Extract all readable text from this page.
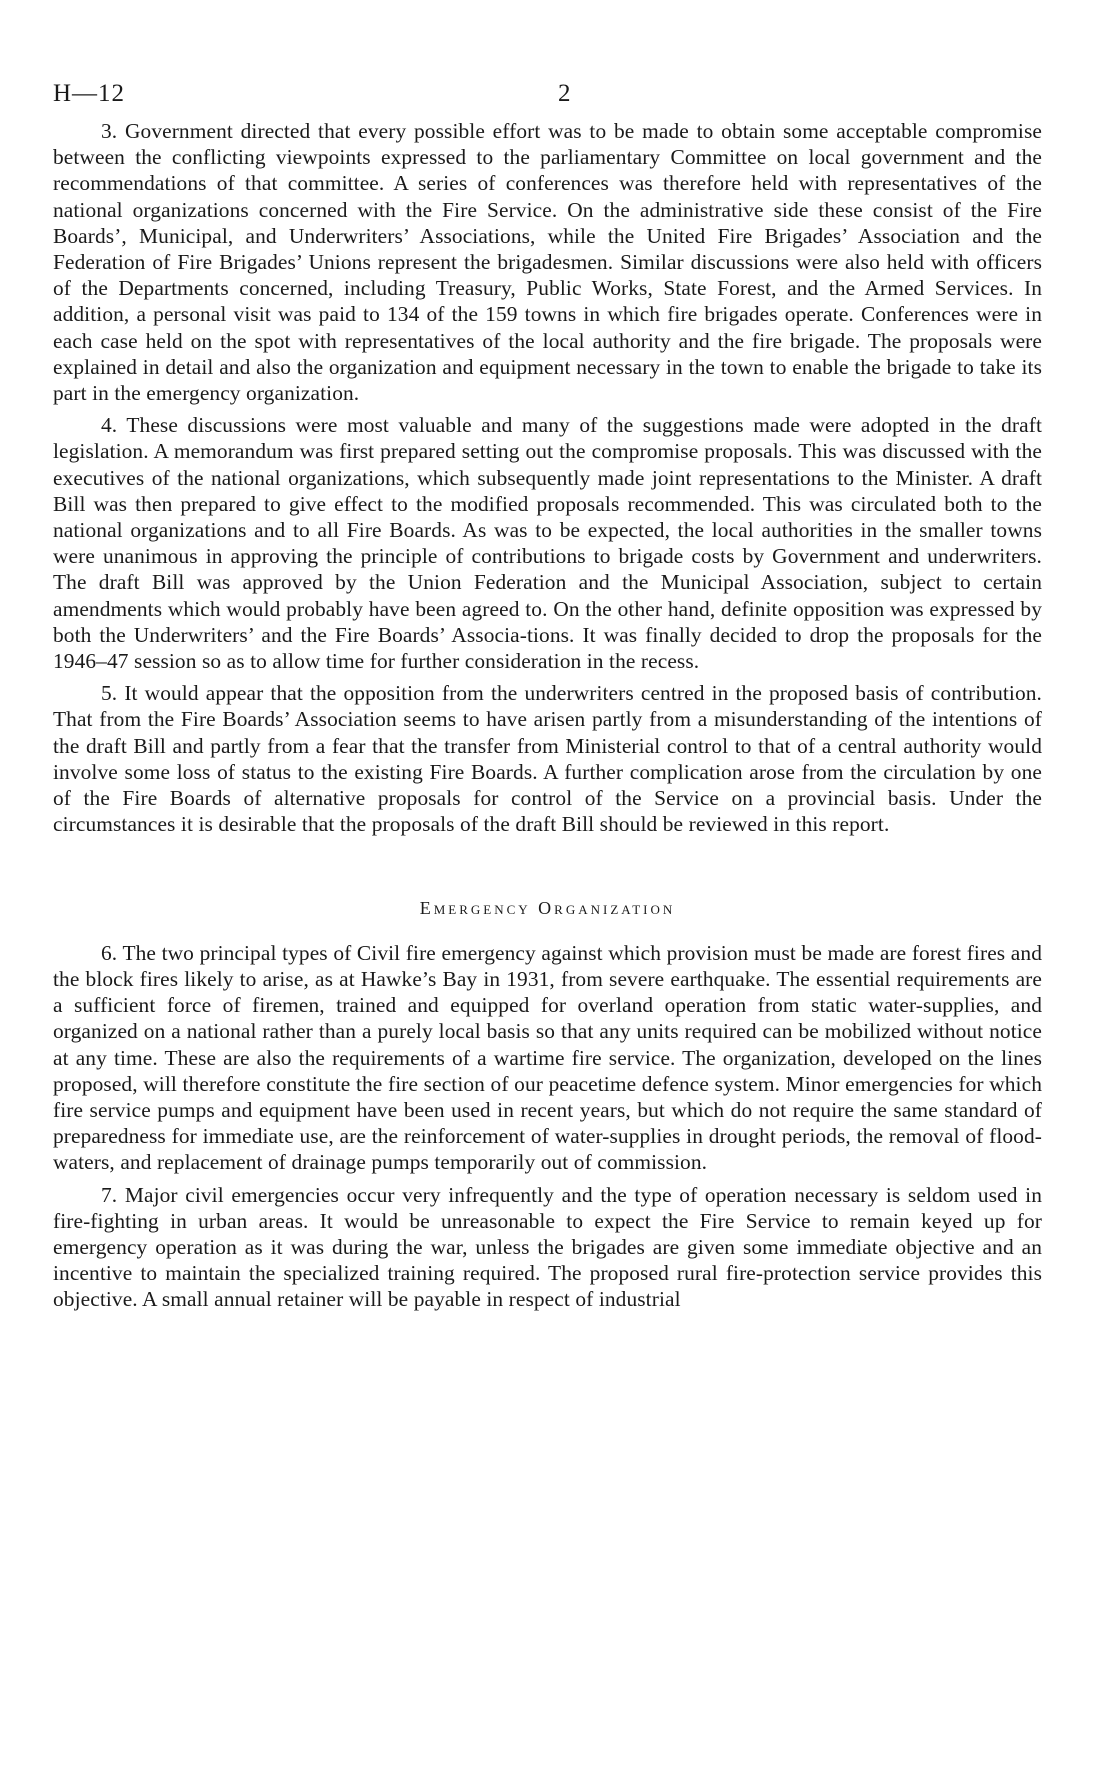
H—12	2

3. Government directed that every possible effort was to be made to obtain some acceptable compromise between the conflicting viewpoints expressed to the parliamentary Committee on local government and the recommendations of that committee. A series of conferences was therefore held with representatives of the national organizations concerned with the Fire Service. On the administrative side these consist of the Fire Boards’, Municipal, and Underwriters’ Associations, while the United Fire Brigades’ Association and the Federation of Fire Brigades’ Unions represent the brigadesmen. Similar discussions were also held with officers of the Departments concerned, including Treasury, Public Works, State Forest, and the Armed Services. In addition, a personal visit was paid to 134 of the 159 towns in which fire brigades operate. Conferences were in each case held on the spot with representatives of the local authority and the fire brigade. The proposals were explained in detail and also the organization and equipment necessary in the town to enable the brigade to take its part in the emergency organization.

4. These discussions were most valuable and many of the suggestions made were adopted in the draft legislation. A memorandum was first prepared setting out the compromise proposals. This was discussed with the executives of the national organizations, which subsequently made joint representations to the Minister. A draft Bill was then prepared to give effect to the modified proposals recommended. This was circulated both to the national organizations and to all Fire Boards. As was to be expected, the local authorities in the smaller towns were unanimous in approving the principle of contributions to brigade costs by Government and underwriters. The draft Bill was approved by the Union Federation and the Municipal Association, subject to certain amendments which would probably have been agreed to. On the other hand, definite opposition was expressed by both the Underwriters’ and the Fire Boards’ Associa-tions. It was finally decided to drop the proposals for the 1946–47 session so as to allow time for further consideration in the recess.

5. It would appear that the opposition from the underwriters centred in the proposed basis of contribution. That from the Fire Boards’ Association seems to have arisen partly from a misunderstanding of the intentions of the draft Bill and partly from a fear that the transfer from Ministerial control to that of a central authority would involve some loss of status to the existing Fire Boards. A further complication arose from the circulation by one of the Fire Boards of alternative proposals for control of the Service on a provincial basis. Under the circumstances it is desirable that the proposals of the draft Bill should be reviewed in this report.

Emergency Organization

6. The two principal types of Civil fire emergency against which provision must be made are forest fires and the block fires likely to arise, as at Hawke’s Bay in 1931, from severe earthquake. The essential requirements are a sufficient force of firemen, trained and equipped for overland operation from static water-supplies, and organized on a national rather than a purely local basis so that any units required can be mobilized without notice at any time. These are also the requirements of a wartime fire service. The organization, developed on the lines proposed, will therefore constitute the fire section of our peacetime defence system. Minor emergencies for which fire service pumps and equipment have been used in recent years, but which do not require the same standard of preparedness for immediate use, are the reinforcement of water-supplies in drought periods, the removal of flood-waters, and replacement of drainage pumps temporarily out of commission.

7. Major civil emergencies occur very infrequently and the type of operation necessary is seldom used in fire-fighting in urban areas. It would be unreasonable to expect the Fire Service to remain keyed up for emergency operation as it was during the war, unless the brigades are given some immediate objective and an incentive to maintain the specialized training required. The proposed rural fire-protection service provides this objective. A small annual retainer will be payable in respect of industrial
